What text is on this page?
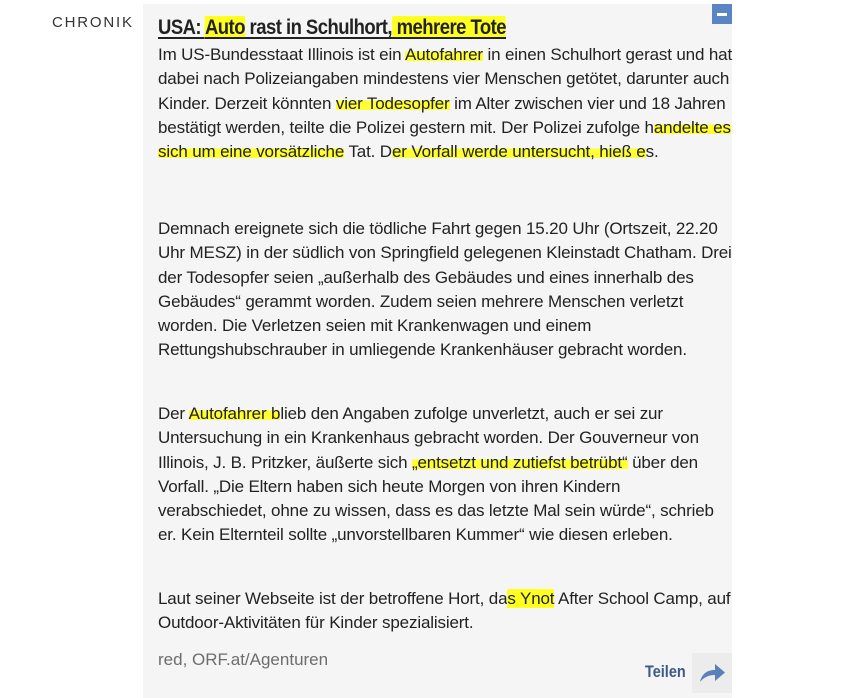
CHRONIK USA: Auto rast in Schulhort, mehrere Tote

Im US-Bundesstaat Illinois ist ein Autofahrer in einen Schulhort gerast und hat dabei nach Polizeiangaben mindestens vier Menschen getötet, darunter auch Kinder. Derzeit könnten vier Todesopfer im Alter zwischen vier und 18 Jahren bestätigt werden, teilte die Polizei gestern mit. Der Polizei zufolge handelte es sich um eine vorsätzliche Tat. Der Vorfall werde untersucht, hieß es.

Demnach ereignete sich die tödliche Fahrt gegen 15.20 Uhr (Ortszeit, 22.20 Uhr MESZ) in der südlich von Springfield gelegenen Kleinstadt Chatham. Drei der Todesopfer seien „außerhalb des Gebäudes und eines innerhalb des Gebäudes“ gerammt worden. Zudem seien mehrere Menschen verletzt worden. Die Verletzen seien mit Krankenwagen und einem Rettungshubschrauber in umliegende Krankenhäuser gebracht worden.

Der Autofahrer blieb den Angaben zufolge unverletzt, auch er sei zur Untersuchung in ein Krankenhaus gebracht worden. Der Gouverneur von Illinois, J. B. Pritzker, äußerte sich „entsetzt und zutiefst betrübt“ über den Vorfall. „Die Eltern haben sich heute Morgen von ihren Kindern verabschiedet, ohne zu wissen, dass es das letzte Mal sein würde“, schrieb er. Kein Elternteil sollte „unvorstellbaren Kummer“ wie diesen erleben.

Laut seiner Webseite ist der betroffene Hort, das Ynot After School Camp, auf Outdoor-Aktivitäten für Kinder spezialisiert.

red, ORF.at/Agenturen
Teilen
